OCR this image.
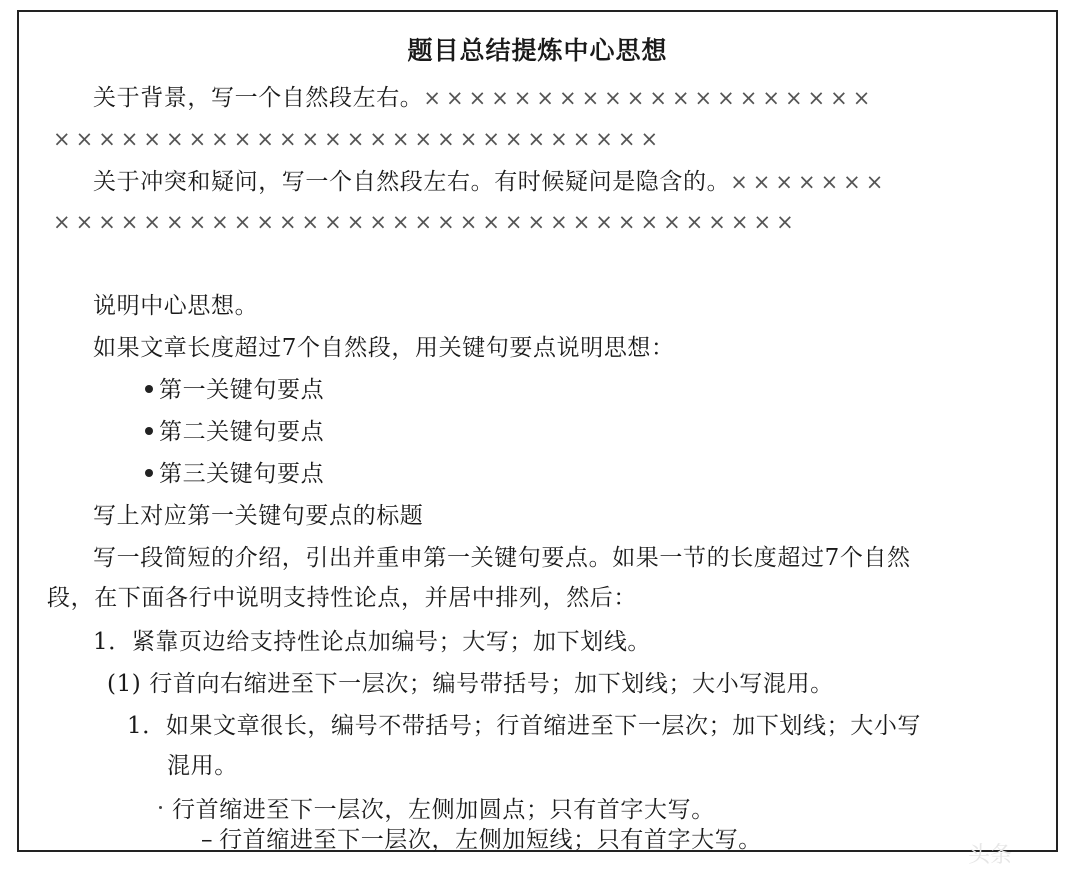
题目总结提炼中心思想
关于背景，写一个自然段左右。××××××××××××××××××××
×××××××××××××××××××××××××××
关于冲突和疑问，写一个自然段左右。有时候疑问是隐含的。×××××××
×××××××××××××××××××××××××××××××××
说明中心思想。
如果文章长度超过7个自然段，用关键句要点说明思想：
第一关键句要点
第二关键句要点
第三关键句要点
写上对应第一关键句要点的标题
写一段简短的介绍，引出并重申第一关键句要点。如果一节的长度超过7个自然
段，在下面各行中说明支持性论点，并居中排列，然后：
1．紧靠页边给支持性论点加编号；大写；加下划线。
(1) 行首向右缩进至下一层次；编号带括号；加下划线；大小写混用。
1．如果文章很长，编号不带括号；行首缩进至下一层次；加下划线；大小写
混用。
行首缩进至下一层次，左侧加圆点；只有首字大写。
– 行首缩进至下一层次，左侧加短线；只有首字大写。
头条
